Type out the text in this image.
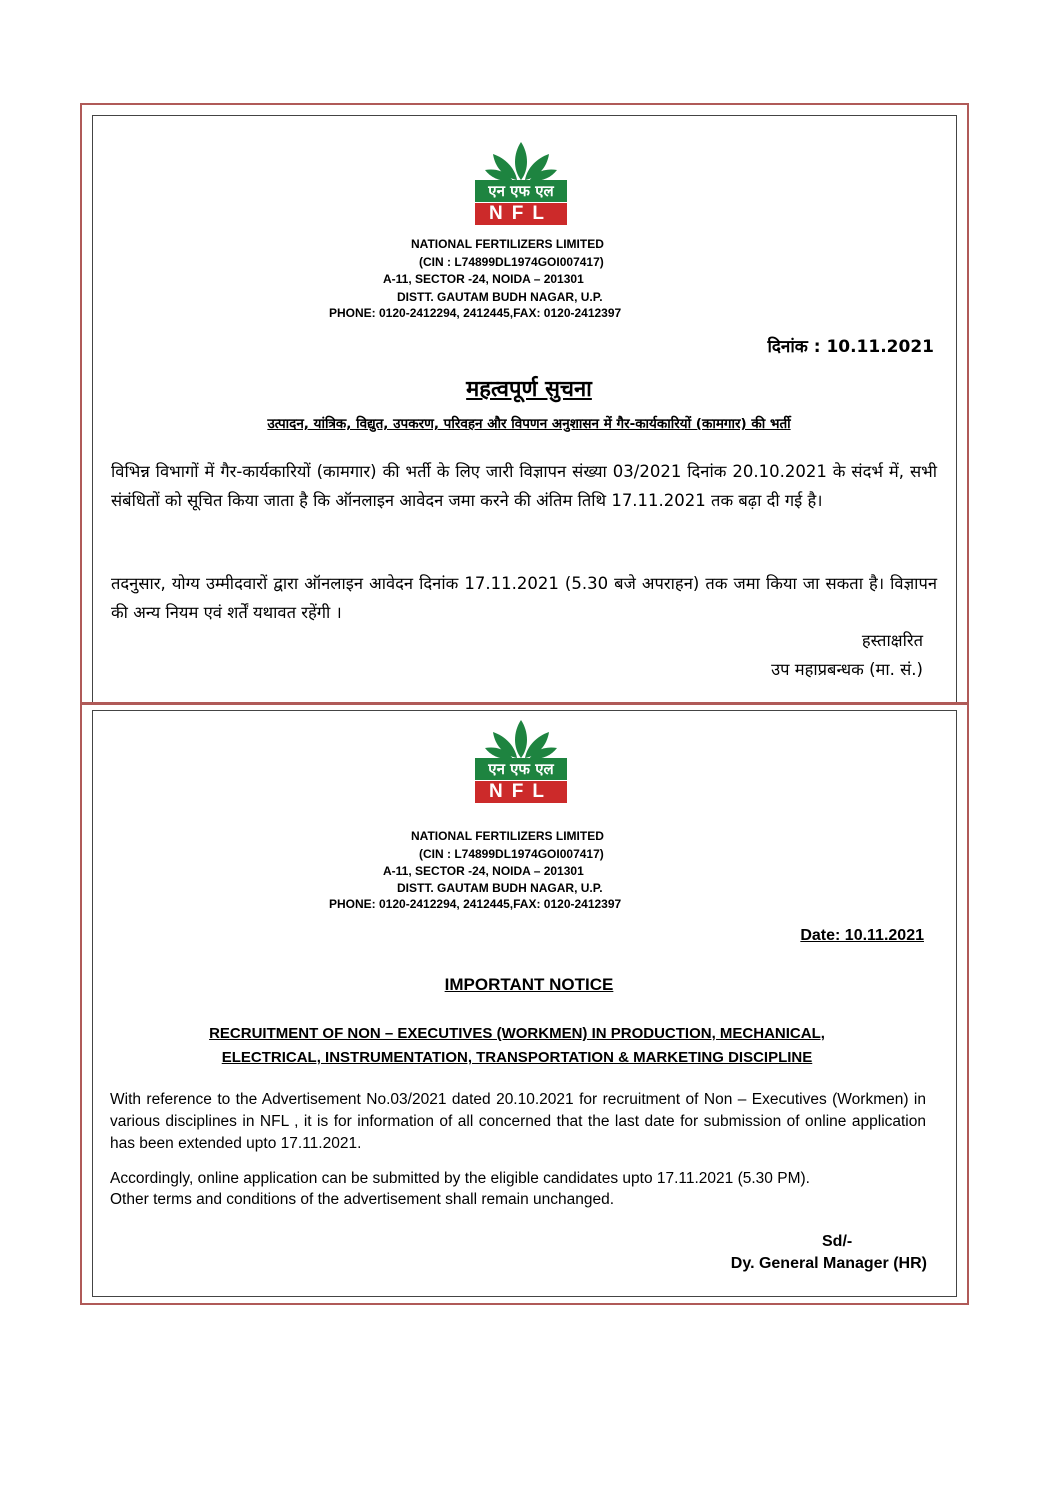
एन एफ एल
NFL
NATIONAL FERTILIZERS LIMITED
(CIN : L74899DL1974GOI007417)
A-11, SECTOR -24, NOIDA – 201301
DISTT. GAUTAM BUDH NAGAR, U.P.
PHONE: 0120-2412294, 2412445,FAX: 0120-2412397
दिनांक : 10.11.2021
महत्वपूर्ण सुचना
उत्पादन, यांत्रिक, विद्युत, उपकरण, परिवहन और विपणन अनुशासन में गैर-कार्यकारियों (कामगार) की भर्ती
विभिन्न विभागों में गैर-कार्यकारियों (कामगार) की भर्ती के लिए जारी विज्ञापन संख्या 03/2021 दिनांक 20.10.2021 के संदर्भ में, सभी संबंधितों को सूचित किया जाता है कि ऑनलाइन आवेदन जमा करने की अंतिम तिथि 17.11.2021 तक बढ़ा दी गई है।
तदनुसार, योग्य उम्मीदवारों द्वारा ऑनलाइन आवेदन दिनांक 17.11.2021 (5.30 बजे अपराहन) तक जमा किया जा सकता है। विज्ञापन की अन्य नियम एवं शर्तें यथावत रहेंगी ।
हस्ताक्षरित
उप महाप्रबन्धक (मा. सं.)
एन एफ एल
NFL
NATIONAL FERTILIZERS LIMITED
(CIN : L74899DL1974GOI007417)
A-11, SECTOR -24, NOIDA – 201301
DISTT. GAUTAM BUDH NAGAR, U.P.
PHONE: 0120-2412294, 2412445,FAX: 0120-2412397
Date: 10.11.2021
IMPORTANT NOTICE
RECRUITMENT OF NON – EXECUTIVES (WORKMEN) IN PRODUCTION, MECHANICAL,
ELECTRICAL, INSTRUMENTATION, TRANSPORTATION & MARKETING DISCIPLINE
With reference to the Advertisement No.03/2021 dated 20.10.2021 for recruitment of Non – Executives (Workmen) in various disciplines in NFL , it is for information of all concerned that the last date for submission of online application has been extended upto 17.11.2021.
Accordingly, online application can be submitted by the eligible candidates upto 17.11.2021 (5.30 PM).
Other terms and conditions of the advertisement shall remain unchanged.
Sd/-
Dy. General Manager (HR)
